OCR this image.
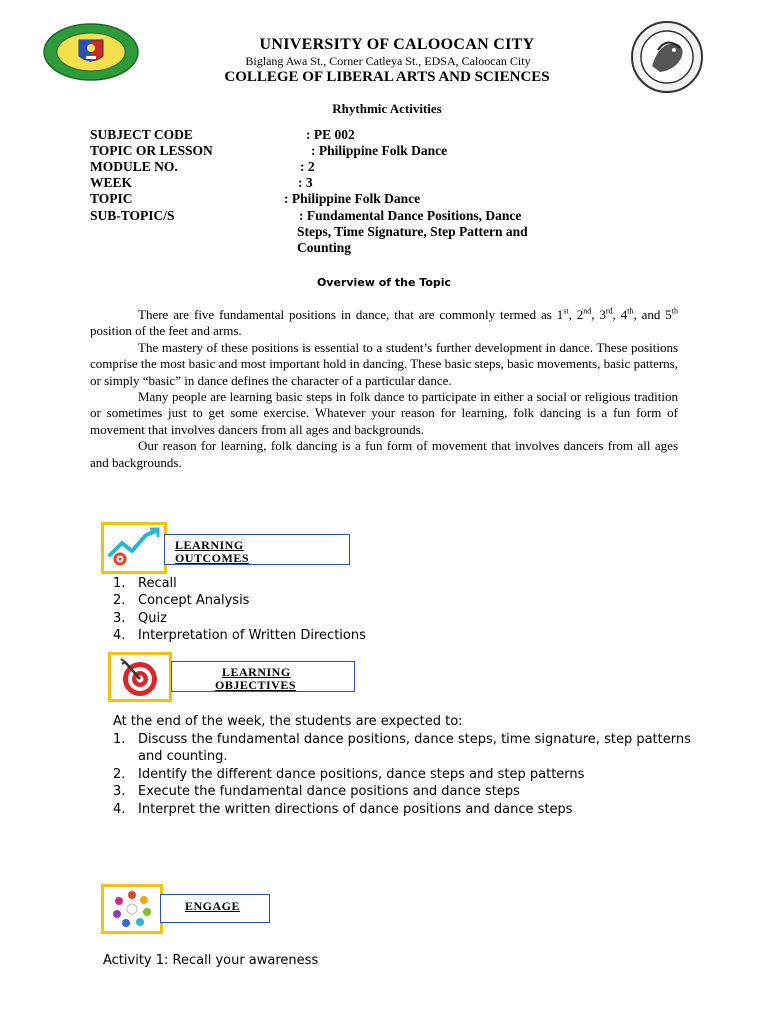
UNIVERSITY OF CALOOCAN CITY
Biglang Awa St., Corner Catleya St., EDSA, Caloocan City
COLLEGE OF LIBERAL ARTS AND SCIENCES
Rhythmic Activities
SUBJECT CODE	: PE 002
TOPIC OR LESSON	: Philippine Folk Dance
MODULE NO.	: 2
WEEK	: 3
TOPIC	: Philippine Folk Dance
SUB-TOPIC/S	: Fundamental Dance Positions, Dance
Steps, Time Signature, Step Pattern and
Counting
Overview of the Topic
There are five fundamental positions in dance, that are commonly termed as 1st, 2nd, 3rd, 4th, and 5th position of the feet and arms.
The mastery of these positions is essential to a student’s further development in dance. These positions comprise the most basic and most important hold in dancing. These basic steps, basic movements, basic patterns, or simply “basic” in dance defines the character of a particular dance.
Many people are learning basic steps in folk dance to participate in either a social or religious tradition or sometimes just to get some exercise. Whatever your reason for learning, folk dancing is a fun form of movement that involves dancers from all ages and backgrounds.
Our reason for learning, folk dancing is a fun form of movement that involves dancers from all ages and backgrounds.
LEARNING
OUTCOMES
1. Recall
2. Concept Analysis
3. Quiz
4. Interpretation of Written Directions
LEARNING
OBJECTIVES
At the end of the week, the students are expected to:
1. Discuss the fundamental dance positions, dance steps, time signature, step patterns and counting.
2. Identify the different dance positions, dance steps and step patterns
3. Execute the fundamental dance positions and dance steps
4. Interpret the written directions of dance positions and dance steps
ENGAGE
Activity 1: Recall your awareness
